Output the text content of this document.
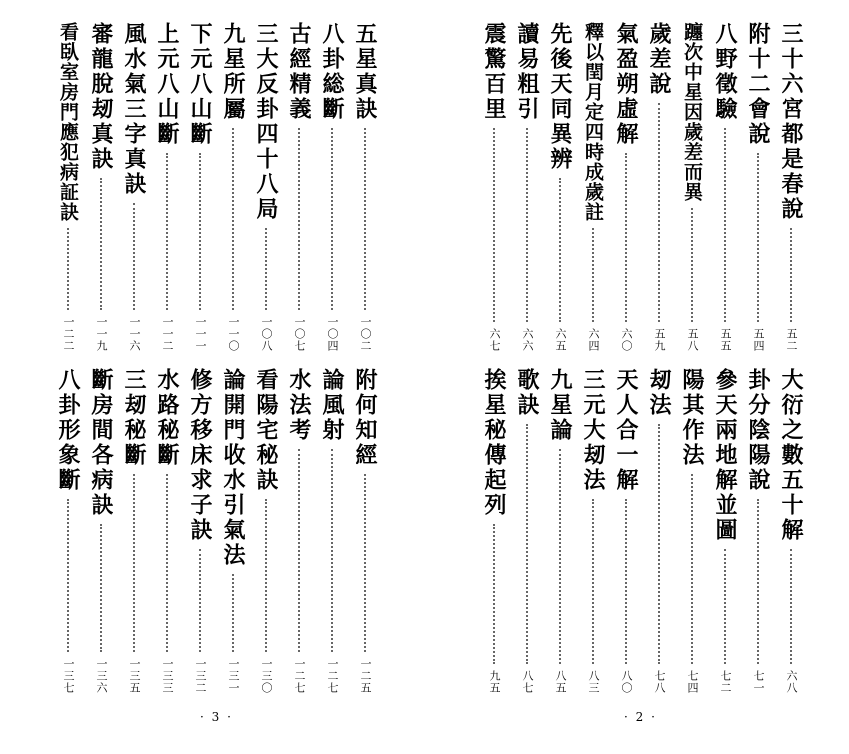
五星真訣
一〇二
八卦総斷
一〇四
古經精義
一〇七
三大反卦四十八局
一〇八
九星所屬
一一〇
下元八山斷
一一一
上元八山斷
一一二
風水氣三字真訣
一一六
審龍脫刼真訣
一一九
看臥室房門應犯病証訣
一二二
附何知經
一二五
論風射
一二七
水法考
一二七
看陽宅秘訣
一三〇
論開門收水引氣法
一三一
修方移床求子訣
一三二
水路秘斷
一三三
三刼秘斷
一三五
斷房間各病訣
一三六
八卦形象斷
一三七
· 3 ·
三十六宮都是春說
五二
附十二會說
五四
八野徵驗
五五
躔次中星因歲差而異
五八
歲差說
五九
氣盈朔虛解
六〇
釋以閏月定四時成歲註
六四
先後天同異辨
六五
讀易粗引
六六
震驚百里
六七
大衍之數五十解
六八
卦分陰陽說
七一
參天兩地解並圖
七二
陽其作法
七四
刼法
七八
天人合一解
八〇
三元大刼法
八三
九星論
八五
歌訣
八七
挨星秘傳起列
九五
· 2 ·
